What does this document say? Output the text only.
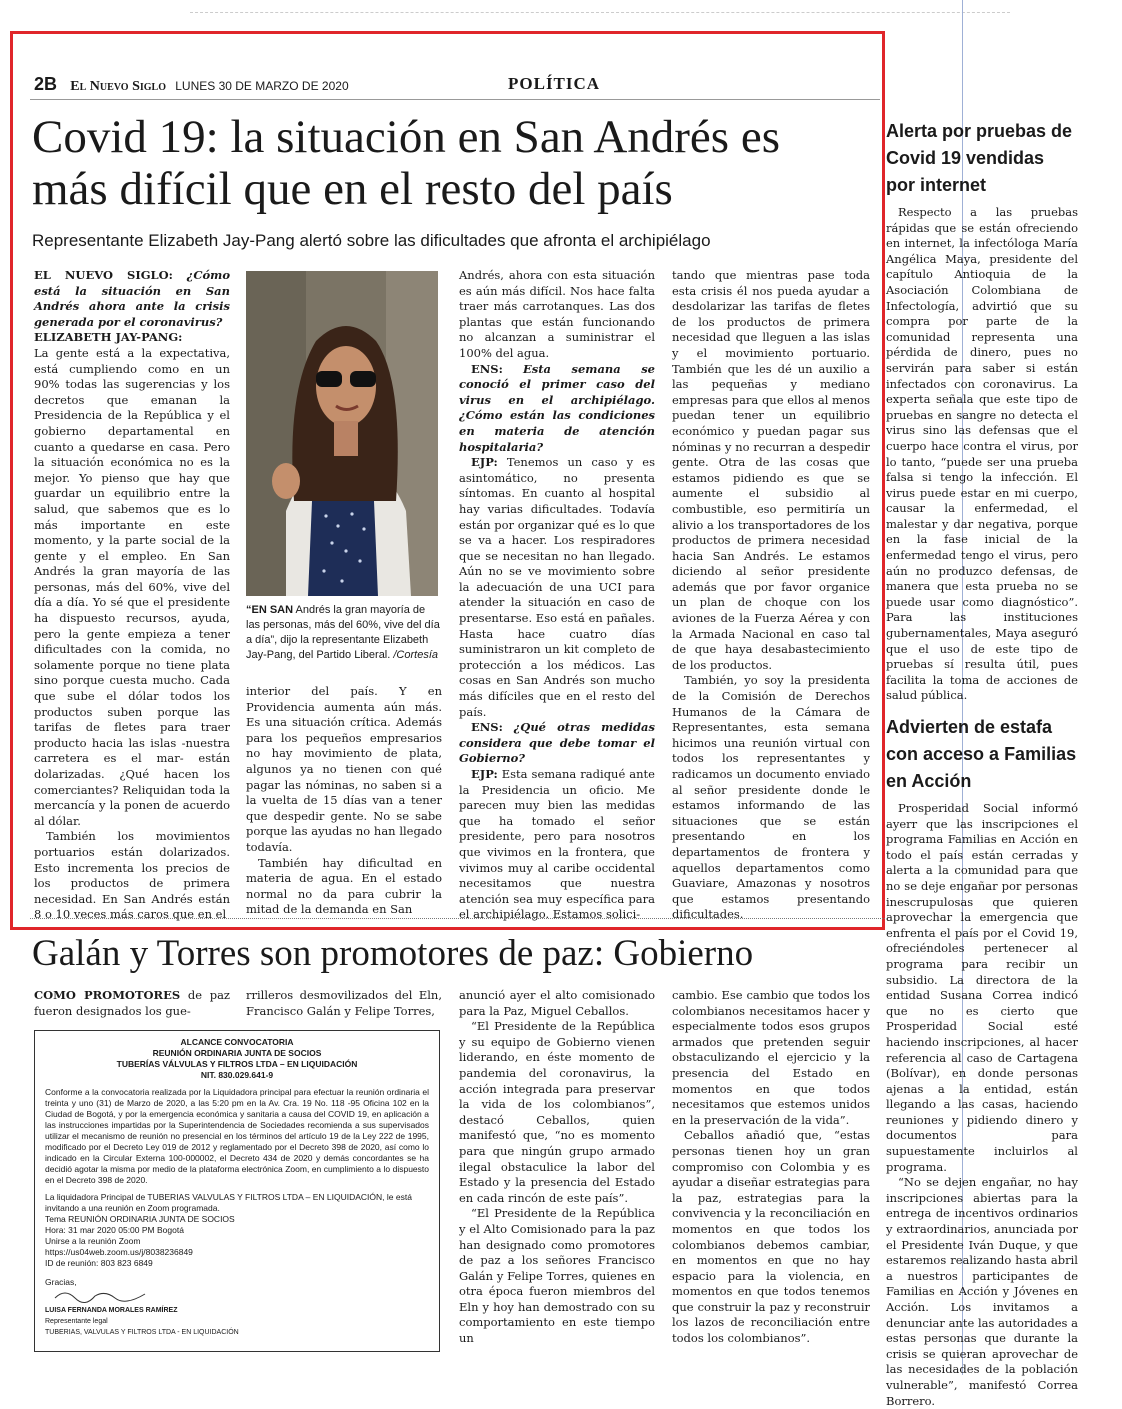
2B El Nuevo Siglo LUNES 30 DE MARZO DE 2020	POLÍTICA
Covid 19: la situación en San Andrés es más difícil que en el resto del país
Representante Elizabeth Jay-Pang alertó sobre las dificultades que afronta el archipiélago

EL NUEVO SIGLO: ¿Cómo está la situación en San Andrés ahora ante la crisis generada por el coronavirus?

ELIZABETH JAY-PANG:

La gente está a la expectativa, está cumpliendo como en un 90% todas las sugerencias y los decretos que emanan la Presidencia de la República y el gobierno departamental en cuanto a quedarse en casa. Pero la situación económica no es la mejor. Yo pienso que hay que guardar un equilibrio entre la salud, que sabemos que es lo más importante en este momento, y la parte social de la gente y el empleo. En San Andrés la gran mayoría de las personas, más del 60%, vive del día a día. Yo sé que el presidente ha dispuesto recursos, ayuda, pero la gente empieza a tener dificultades con la comida, no solamente porque no tiene plata sino porque cuesta mucho. Cada que sube el dólar todos los productos suben porque las tarifas de fletes para traer producto hacia las islas -nuestra carretera es el mar- están dolarizadas. ¿Qué hacen los comerciantes? Reliquidan toda la mercancía y la ponen de acuerdo al dólar.

También los movimientos portuarios están dolarizados. Esto incrementa los precios de los productos de primera necesidad. En San Andrés están 8 o 10 veces más caros que en el

“EN SAN Andrés la gran mayoría de las personas, más del 60%, vive del día a día”, dijo la representante Elizabeth Jay-Pang, del Partido Liberal. /Cortesía

interior del país. Y en Providencia aumenta aún más. Es una situación crítica. Además para los pequeños empresarios no hay movimiento de plata, algunos ya no tienen con qué pagar las nóminas, no saben si a la vuelta de 15 días van a tener que despedir gente. No se sabe porque las ayudas no han llegado todavía.

También hay dificultad en materia de agua. En el estado normal no da para cubrir la mitad de la demanda en San

Andrés, ahora con esta situación es aún más difícil. Nos hace falta traer más carrotanques. Las dos plantas que están funcionando no alcanzan a suministrar el 100% del agua.

ENS: Esta semana se conoció el primer caso del virus en el archipiélago. ¿Cómo están las condiciones en materia de atención hospitalaria?

EJP: Tenemos un caso y es asintomático, no presenta síntomas. En cuanto al hospital hay varias dificultades. Todavía están por organizar qué es lo que se va a hacer. Los respiradores que se necesitan no han llegado. Aún no se ve movimiento sobre la adecuación de una UCI para atender la situación en caso de presentarse. Eso está en pañales. Hasta hace cuatro días suministraron un kit completo de protección a los médicos. Las cosas en San Andrés son mucho más difíciles que en el resto del país.

ENS: ¿Qué otras medidas considera que debe tomar el Gobierno?

EJP: Esta semana radiqué ante la Presidencia un oficio. Me parecen muy bien las medidas que ha tomado el señor presidente, pero para nosotros que vivimos en la frontera, que vivimos muy al caribe occidental necesitamos que nuestra atención sea muy específica para el archipiélago. Estamos solici-

tando que mientras pase toda esta crisis él nos pueda ayudar a desdolarizar las tarifas de fletes de los productos de primera necesidad que lleguen a las islas y el movimiento portuario. También que les dé un auxilio a las pequeñas y mediano empresas para que ellos al menos puedan tener un equilibrio económico y puedan pagar sus nóminas y no recurran a despedir gente. Otra de las cosas que estamos pidiendo es que se aumente el subsidio al combustible, eso permitiría un alivio a los transportadores de los productos de primera necesidad hacia San Andrés. Le estamos diciendo al señor presidente además que por favor organice un plan de choque con los aviones de la Fuerza Aérea y con la Armada Nacional en caso tal de que haya desabastecimiento de los productos.

También, yo soy la presidenta de la Comisión de Derechos Humanos de la Cámara de Representantes, esta semana hicimos una reunión virtual con todos los representantes y radicamos un documento enviado al señor presidente donde le estamos informando de las situaciones que se están presentando en los departamentos de frontera y aquellos departamentos como Guaviare, Amazonas y nosotros que estamos presentando dificultades.

Galán y Torres son promotores de paz: Gobierno

COMO PROMOTORES de paz fueron designados los gue-

rrilleros desmovilizados del Eln, Francisco Galán y Felipe Torres,

anunció ayer el alto comisionado para la Paz, Miguel Ceballos.

“El Presidente de la República y su equipo de Gobierno vienen liderando, en éste momento de pandemia del coronavirus, la acción integrada para preservar la vida de los colombianos”, destacó Ceballos, quien manifestó que, “no es momento para que ningún grupo armado ilegal obstaculice la labor del Estado y la presencia del Estado en cada rincón de este país”.

“El Presidente de la República y el Alto Comisionado para la paz han designado como promotores de paz a los señores Francisco Galán y Felipe Torres, quienes en otra época fueron miembros del Eln y hoy han demostrado con su comportamiento en este tiempo un

cambio. Ese cambio que todos los colombianos necesitamos hacer y especialmente todos esos grupos armados que pretenden seguir obstaculizando el ejercicio y la presencia del Estado en momentos en que todos necesitamos que estemos unidos en la preservación de la vida”.

Ceballos añadió que, “estas personas tienen hoy un gran compromiso con Colombia y es ayudar a diseñar estrategias para la paz, estrategias para la convivencia y la reconciliación en momentos en que todos los colombianos debemos cambiar, en momentos en que no hay espacio para la violencia, en momentos en que todos tenemos que construir la paz y reconstruir los lazos de reconciliación entre todos los colombianos”.

ALCANCE CONVOCATORIA

REUNIÓN ORDINARIA JUNTA DE SOCIOS

TUBERÍAS VÁLVULAS Y FILTROS LTDA – EN LIQUIDACIÓN

NIT. 830.029.641-9

Conforme a la convocatoria realizada por la Liquidadora principal para efectuar la reunión ordinaria el treinta y uno (31) de Marzo de 2020, a las 5:20 pm en la Av. Cra. 19 No. 118 -95 Oficina 102 en la Ciudad de Bogotá, y por la emergencia económica y sanitaria a causa del COVID 19, en aplicación a las instrucciones impartidas por la Superintendencia de Sociedades recomienda a sus supervisados utilizar el mecanismo de reunión no presencial en los términos del artículo 19 de la Ley 222 de 1995, modificado por el Decreto Ley 019 de 2012 y reglamentado por el Decreto 398 de 2020, así como lo indicado en la Circular Externa 100-000002, el Decreto 434 de 2020 y demás concordantes se ha decidió agotar la misma por medio de la plataforma electrónica Zoom, en cumplimiento a lo dispuesto en el Decreto 398 de 2020.

La liquidadora Principal de TUBERIAS VALVULAS Y FILTROS LTDA – EN LIQUIDACIÓN, le está invitando a una reunión en Zoom programada.

Tema REUNIÓN ORDINARIA JUNTA DE SOCIOS

Hora: 31 mar 2020 05:00 PM Bogotá

Unirse a la reunión Zoom

https://us04web.zoom.us/j/8038236849

ID de reunión: 803 823 6849

Gracias,

LUISA FERNANDA MORALES RAMÍREZ

Representante legal

TUBERIAS, VALVULAS Y FILTROS LTDA - EN LIQUIDACIÓN

Alerta por pruebas de Covid 19 vendidas por internet

Respecto a las pruebas rápidas que se están ofreciendo en internet, la infectóloga María Angélica Maya, presidente del capítulo Antioquia de la Asociación Colombiana de Infectología, advirtió que su compra por parte de la comunidad representa una pérdida de dinero, pues no servirán para saber si están infectados con coronavirus. La experta señala que este tipo de pruebas en sangre no detecta el virus sino las defensas que el cuerpo hace contra el virus, por lo tanto, “puede ser una prueba falsa si tengo la infección. El virus puede estar en mi cuerpo, causar la enfermedad, el malestar y dar negativa, porque en la fase inicial de la enfermedad tengo el virus, pero aún no produzco defensas, de manera que esta prueba no se puede usar como diagnóstico”. Para las instituciones gubernamentales, Maya aseguró que el uso de este tipo de pruebas sí resulta útil, pues facilita la toma de acciones de salud pública.

Advierten de estafa con acceso a Familias en Acción

Prosperidad Social informó ayerr que las inscripciones el programa Familias en Acción en todo el país están cerradas y alerta a la comunidad para que no se deje engañar por personas inescrupulosas que quieren aprovechar la emergencia que enfrenta el país por el Covid 19, ofreciéndoles pertenecer al programa para recibir un subsidio. La directora de la entidad Susana Correa indicó que no es cierto que Prosperidad Social esté haciendo inscripciones, al hacer referencia al caso de Cartagena (Bolívar), en donde personas ajenas a la entidad, están llegando a las casas, haciendo reuniones y pidiendo dinero y documentos para supuestamente incluirlos al programa.

“No se dejen engañar, no hay inscripciones abiertas para la entrega de incentivos ordinarios y extraordinarios, anunciada por el Presidente Iván Duque, y que estaremos realizando hasta abril a nuestros participantes de Familias en Acción y Jóvenes en Acción. Los invitamos a denunciar ante las autoridades a estas personas que durante la crisis se quieran aprovechar de las necesidades de la población vulnerable”, manifestó Correa Borrero.
